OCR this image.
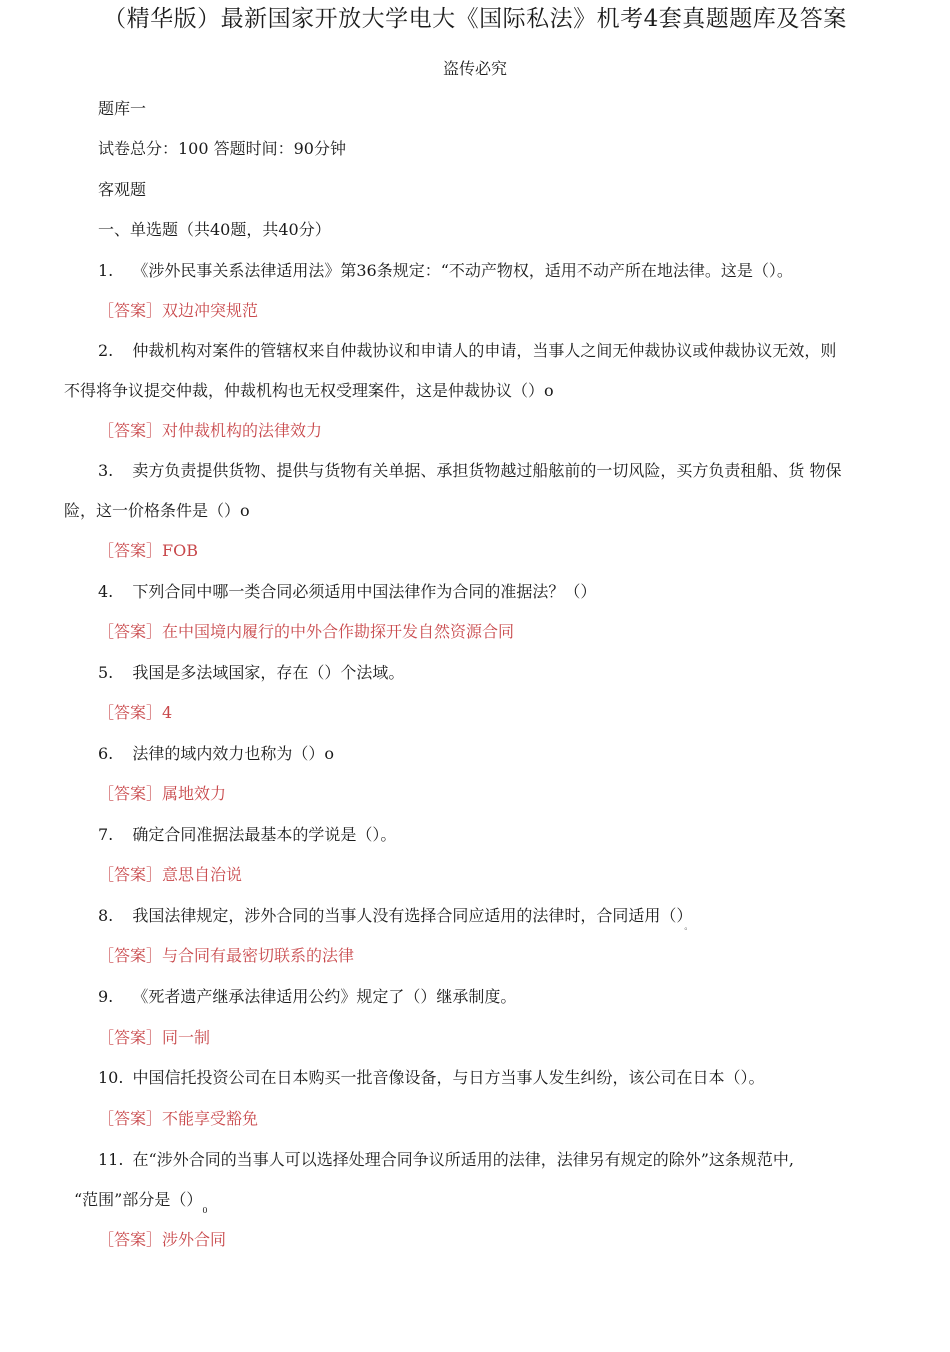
（精华版）最新国家开放大学电大《国际私法》机考4套真题题库及答案
盗传必究
题库一
试卷总分：100 答题时间：90分钟
客观题
一、单选题（共40题，共40分）
1. 《涉外民事关系法律适用法》第36条规定：“不动产物权，适用不动产所在地法律。这是（）。
［答案］双边冲突规范
2. 仲裁机构对案件的管辖权来自仲裁协议和申请人的申请，当事人之间无仲裁协议或仲裁协议无效，则
不得将争议提交仲裁，仲裁机构也无权受理案件，这是仲裁协议（）o
［答案］对仲裁机构的法律效力
3. 卖方负责提供货物、提供与货物有关单据、承担货物越过船舷前的一切风险，买方负责租船、货 物保
险，这一价格条件是（）o
［答案］FOB
4. 下列合同中哪一类合同必须适用中国法律作为合同的准据法？（）
［答案］在中国境内履行的中外合作勘探开发自然资源合同
5. 我国是多法域国家，存在（）个法域。
［答案］4
6. 法律的域内效力也称为（）o
［答案］属地效力
7. 确定合同准据法最基本的学说是（）。
［答案］意思自治说
8. 我国法律规定，涉外合同的当事人没有选择合同应适用的法律时，合同适用$()_。$
［答案］与合同有最密切联系的法律
9. 《死者遗产继承法律适用公约》规定了（）继承制度。
［答案］同一制
10. 中国信托投资公司在日本购买一批音像设备，与日方当事人发生纠纷，该公司在日本（）。
［答案］不能享受豁免
11. 在“涉外合同的当事人可以选择处理合同争议所适用的法律，法律另有规定的除外”这条规范中,
“范围”部分是$()_0$
［答案］涉外合同
